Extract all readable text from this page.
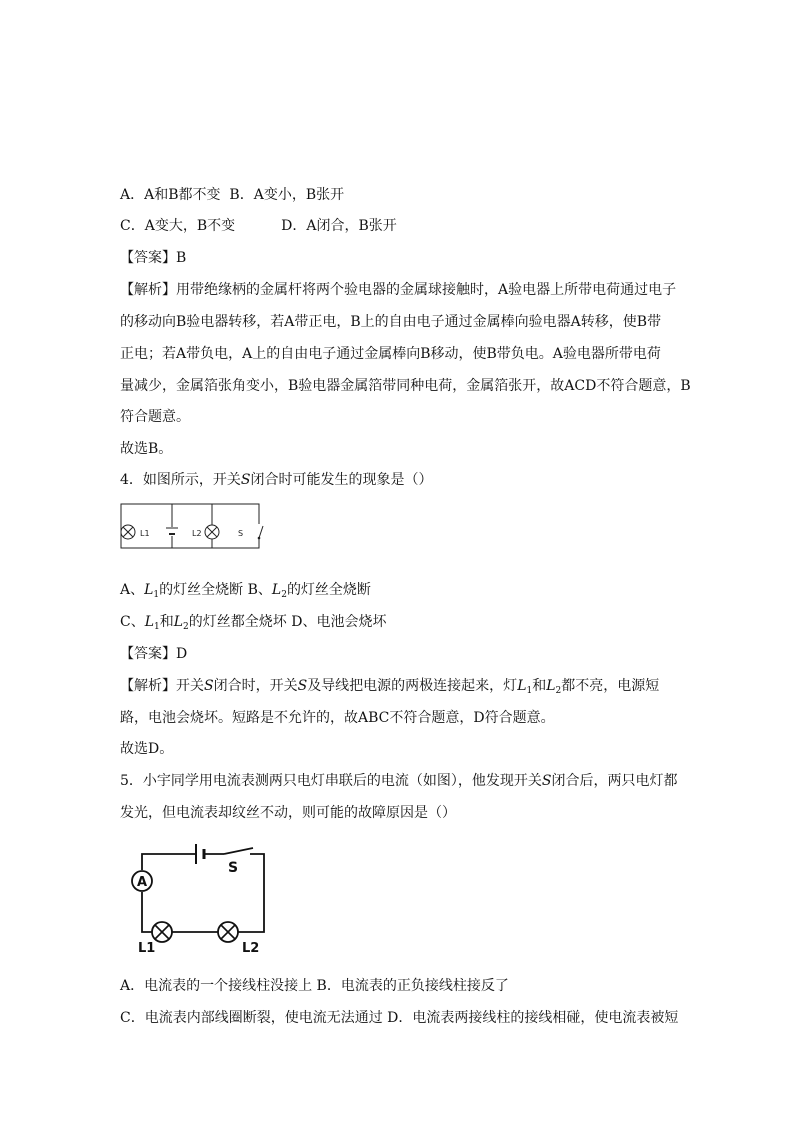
A．A和B都不变 B．A变小，B张开
C．A变大，B不变	D．A闭合，B张开
【答案】B
【解析】用带绝缘柄的金属杆将两个验电器的金属球接触时，A验电器上所带电荷通过电子
的移动向B验电器转移，若A带正电，B上的自由电子通过金属棒向验电器A转移，使B带
正电；若A带负电，A上的自由电子通过金属棒向B移动，使B带负电。A验电器所带电荷
量减少，金属箔张角变小，B验电器金属箔带同种电荷，金属箔张开，故ACD不符合题意，B
符合题意。
故选B。
4．如图所示，开关S闭合时可能发生的现象是（）
L1	L2	S
A、$L_1$的灯丝全烧断 B、$L_2$的灯丝全烧断
C、$L_1$和$L_2$的灯丝都全烧坏 D、电池会烧坏
【答案】D
【解析】开关S闭合时，开关S及导线把电源的两极连接起来，灯$L_1$和$L_2$都不亮，电源短
路，电池会烧坏。短路是不允许的，故ABC不符合题意，D符合题意。
故选D。
5．小宇同学用电流表测两只电灯串联后的电流（如图），他发现开关S闭合后，两只电灯都
发光，但电流表却纹丝不动，则可能的故障原因是（）
S
A
L1	L2
A．电流表的一个接线柱没接上 B．电流表的正负接线柱接反了
C．电流表内部线圈断裂，使电流无法通过 D．电流表两接线柱的接线相碰，使电流表被短
